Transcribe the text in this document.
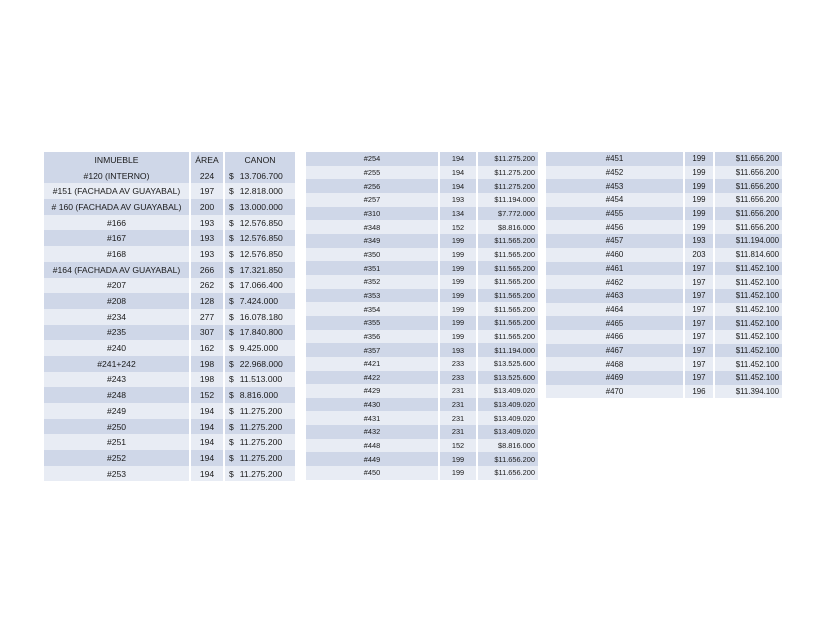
INMUEBLE	ÁREA	CANON
#120 (INTERNO)	224	$ 13.706.700

#151 (FACHADA AV GUAYABAL)	197	$ 12.818.000

# 160 (FACHADA AV GUAYABAL)	200	$ 13.000.000

#166	193	$ 12.576.850

#167	193	$ 12.576.850

#168	193	$ 12.576.850

#164 (FACHADA AV GUAYABAL)	266	$ 17.321.850

#207	262	$ 17.066.400

#208	128	$ 7.424.000

#234	277	$ 16.078.180

#235	307	$ 17.840.800

#240	162	$ 9.425.000

#241+242	198	$ 22.968.000

#243	198	$ 11.513.000

#248	152	$ 8.816.000

#249	194	$ 11.275.200

#250	194	$ 11.275.200

#251	194	$ 11.275.200

#252	194	$ 11.275.200

#253	194	$ 11.275.200
#254	194	$ 11.275.200

#255	194	$ 11.275.200

#256	194	$ 11.275.200

#257	193	$ 11.194.000

#310	134	$ 7.772.000

#348	152	$ 8.816.000

#349	199	$ 11.565.200

#350	199	$ 11.565.200

#351	199	$ 11.565.200

#352	199	$ 11.565.200

#353	199	$ 11.565.200

#354	199	$ 11.565.200

#355	199	$ 11.565.200

#356	199	$ 11.565.200

#357	193	$ 11.194.000

#421	233	$ 13.525.600

#422	233	$ 13.525.600

#429	231	$ 13.409.020

#430	231	$ 13.409.020

#431	231	$ 13.409.020

#432	231	$ 13.409.020

#448	152	$ 8.816.000

#449	199	$ 11.656.200

#450	199	$ 11.656.200
#451	199	$ 11.656.200

#452	199	$ 11.656.200

#453	199	$ 11.656.200

#454	199	$ 11.656.200

#455	199	$ 11.656.200

#456	199	$ 11.656.200

#457	193	$ 11.194.000

#460	203	$ 11.814.600

#461	197	$ 11.452.100

#462	197	$ 11.452.100

#463	197	$ 11.452.100

#464	197	$ 11.452.100

#465	197	$ 11.452.100

#466	197	$ 11.452.100

#467	197	$ 11.452.100

#468	197	$ 11.452.100

#469	197	$ 11.452.100

#470	196	$ 11.394.100
